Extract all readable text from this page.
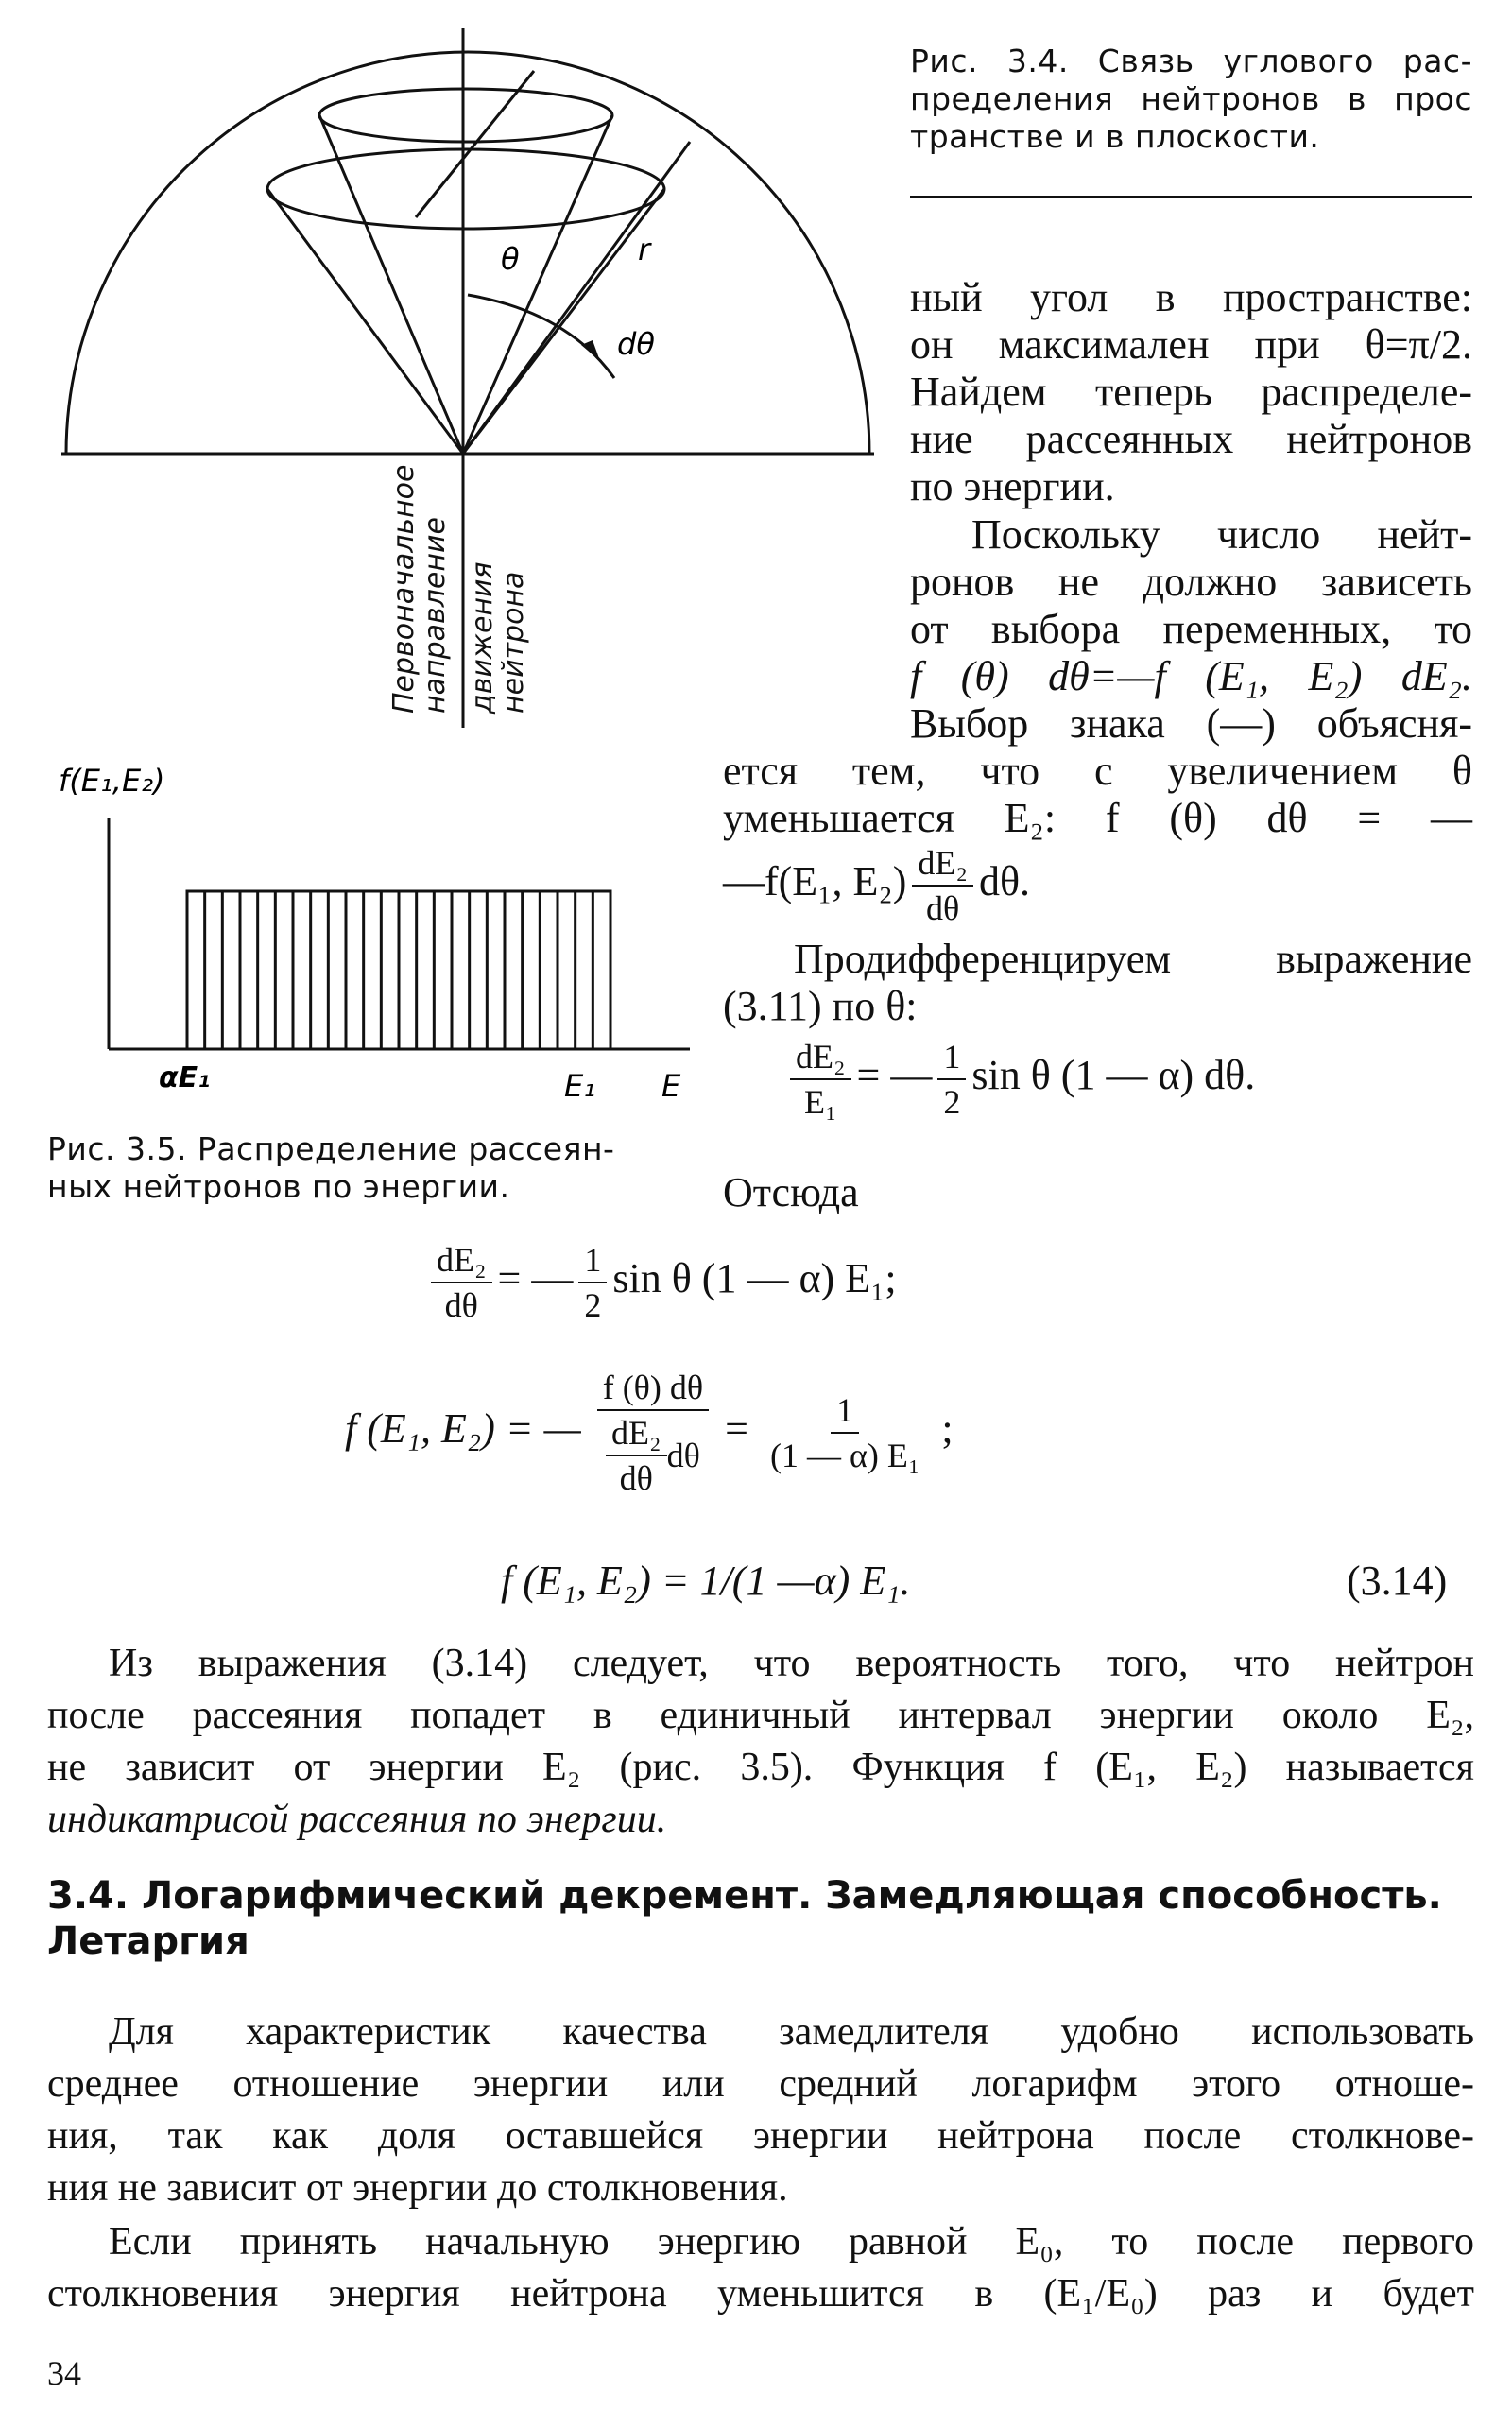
θ	r
dθ
Первоначальное
направление движения
нейтрона
Рис. 3.4. Связь углового рас-
пределения нейтронов в прос
транстве и в плоскости.
ный угол в пространстве:
он максимален при θ=π/2.
Найдем теперь распределе-
ние рассеянных нейтронов
по энергии.
Поскольку число нейт-
ронов не должно зависеть
от выбора переменных, то
f (θ) dθ=—f (E₁, E₂) dE₂.
Выбор знака (—) объясня-
ется тем, что с увеличением θ
уменьшается E₂: f (θ) dθ = —
—f(E₁, $E_2) \frac{\text{dE₂}}{d\theta} d\theta$.
Продифференцируем выражение
(3.11) по θ:
$\frac{\text{dE₂}}{\text{E₁}}$ = — $\frac{1}{2}$ sin θ (1 — α) dθ.
Отсюда
f(E₁,E₂)
αE₁	E₁ E
Рис. 3.5. Распределение рассеян-
ных нейтронов по энергии.
$\frac{\text{dE₂}}{d\theta}$ = — $\frac{1}{2}$ sin θ (1 — α) E₁;
f (E₁, E₂) = — $\frac{f (\theta) d\theta}{\frac{\text{dE₂}}{d\theta} d\theta} = \frac{1}{\text{(1 — α) E₁}}$ ;
f (E₁, E₂) = 1/(1 —α) E₁.	(3.14)
Из выражения (3.14) следует, что вероятность того, что нейтрон
после рассеяния попадет в единичный интервал энергии около E₂,
не зависит от энергии E₂ (рис. 3.5). Функция f (E₁, E₂) называется
индикатрисой рассеяния по энергии.
3.4. Логарифмический декремент. Замедляющая способность.
Летаргия
Для характеристик качества замедлителя удобно использовать
среднее отношение энергии или средний логарифм этого отноше-
ния, так как доля оставшейся энергии нейтрона после столкнове-
ния не зависит от энергии до столкновения.
Если принять начальную энергию равной E₀, то после первого
столкновения энергия нейтрона уменьшится в (E₁/E₀) раз и будет
34
